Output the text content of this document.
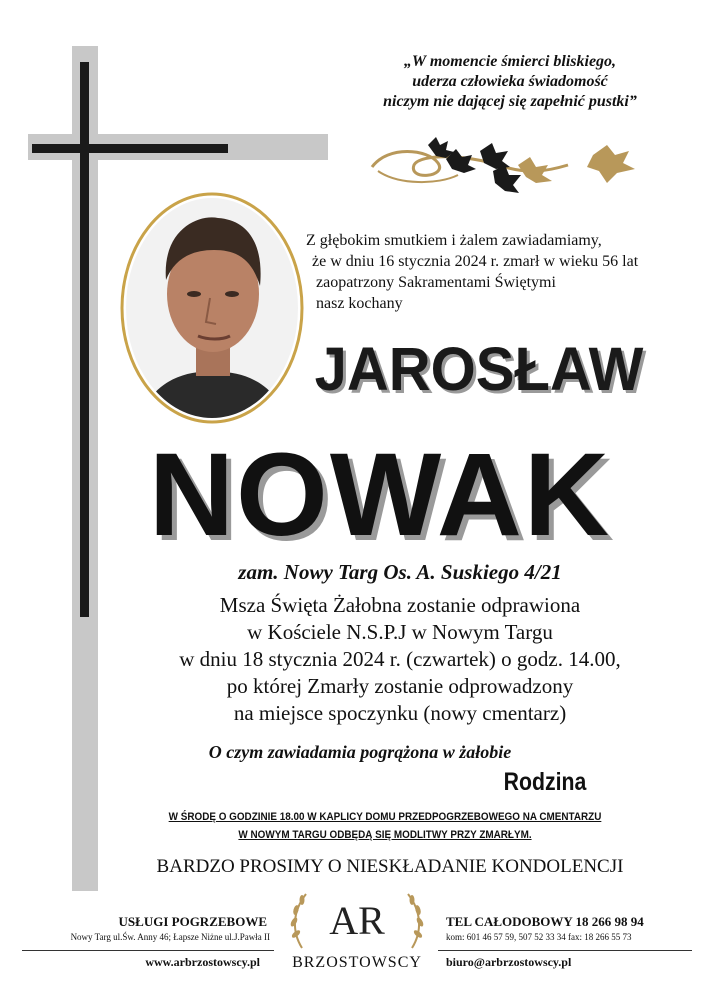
„W momencie śmierci bliskiego,
uderza człowieka świadomość
niczym nie dającej się zapełnić pustki”
Z głębokim smutkiem i żalem zawiadamiamy,
że w dniu 16 stycznia 2024 r. zmarł w wieku 56 lat
zaopatrzony Sakramentami Świętymi
nasz kochany
JAROSŁAW
NOWAK
zam. Nowy Targ Os. A. Suskiego 4/21
Msza Święta Żałobna zostanie odprawiona
w Kościele N.S.P.J w Nowym Targu
w dniu 18 stycznia 2024 r. (czwartek) o godz. 14.00,
po której Zmarły zostanie odprowadzony
na miejsce spoczynku (nowy cmentarz)
O czym zawiadamia pogrążona w żałobie
Rodzina
W ŚRODĘ O GODZINIE 18.00 W KAPLICY DOMU PRZEDPOGRZEBOWEGO NA CMENTARZU
W NOWYM TARGU ODBĘDĄ SIĘ MODLITWY PRZY ZMARŁYM.
BARDZO PROSIMY O NIESKŁADANIE KONDOLENCJI
USŁUGI POGRZEBOWE
Nowy Targ ul.Św. Anny 46; Łapsze Niżne ul.J.Pawła II
www.arbrzostowscy.pl
AR
BRZOSTOWSCY
TEL CAŁODOBOWY 18 266 98 94
kom: 601 46 57 59, 507 52 33 34 fax: 18 266 55 73
biuro@arbrzostowscy.pl
